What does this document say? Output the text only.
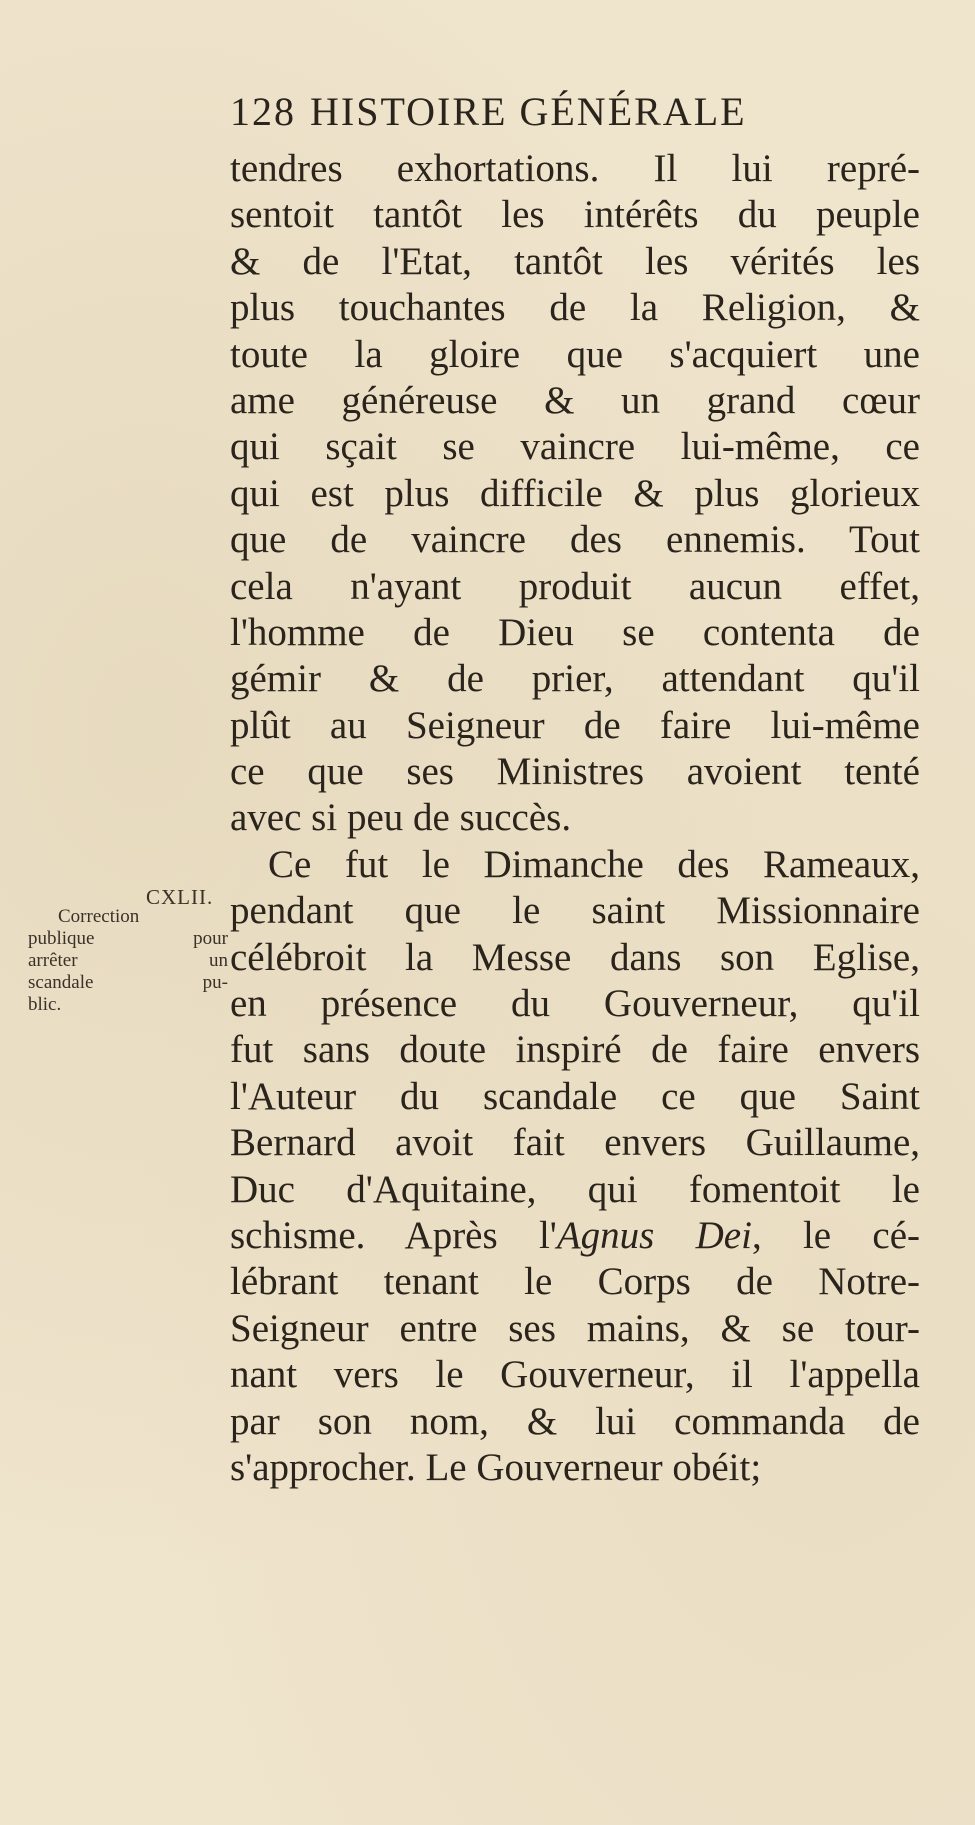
128 HISTOIRE GÉNÉRALE
CXLII.
Correction
publique pour
arrêter un
scandale pu-
blic.
tendres exhortations. Il lui repré-
sentoit tantôt les intérêts du peuple
& de l'Etat, tantôt les vérités les
plus touchantes de la Religion, &
toute la gloire que s'acquiert une
ame généreuse & un grand cœur
qui sçait se vaincre lui-même, ce
qui est plus difficile & plus glorieux
que de vaincre des ennemis. Tout
cela n'ayant produit aucun effet,
l'homme de Dieu se contenta de
gémir & de prier, attendant qu'il
plût au Seigneur de faire lui-même
ce que ses Ministres avoient tenté
avec si peu de succès.
Ce fut le Dimanche des Rameaux,
pendant que le saint Missionnaire
célébroit la Messe dans son Eglise,
en présence du Gouverneur, qu'il
fut sans doute inspiré de faire envers
l'Auteur du scandale ce que Saint
Bernard avoit fait envers Guillaume,
Duc d'Aquitaine, qui fomentoit le
schisme. Après l'Agnus Dei, le cé-
lébrant tenant le Corps de Notre-
Seigneur entre ses mains, & se tour-
nant vers le Gouverneur, il l'appella
par son nom, & lui commanda de
s'approcher. Le Gouverneur obéit;
